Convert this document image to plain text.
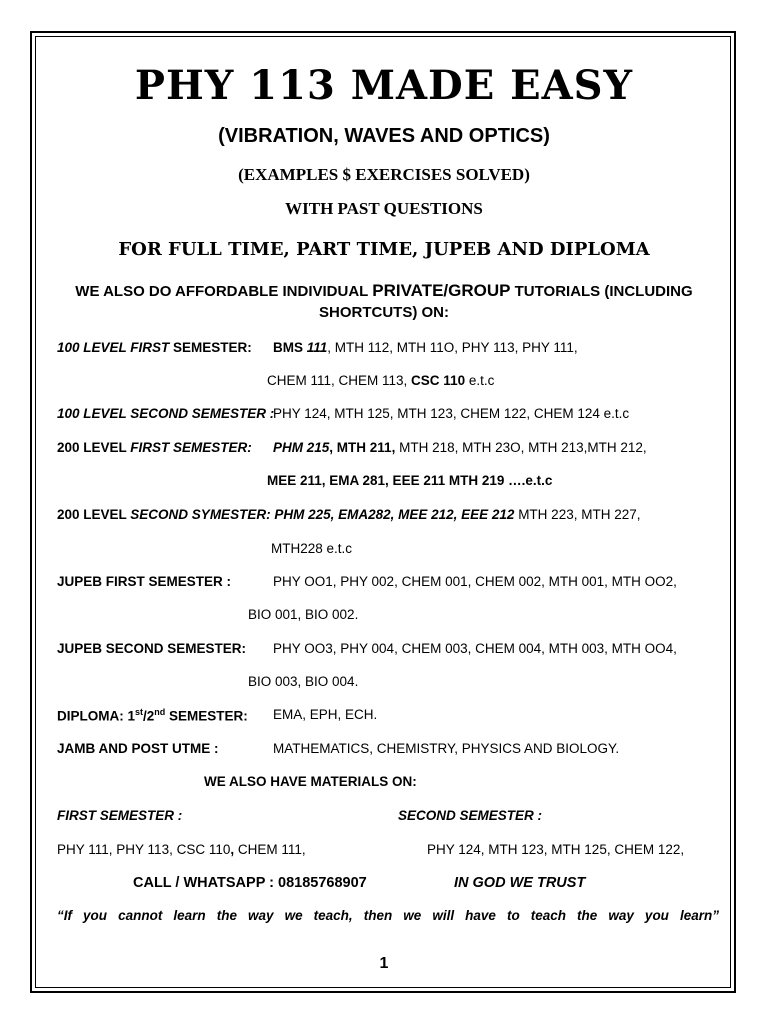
PHY 113 MADE EASY
(VIBRATION, WAVES AND OPTICS)
(EXAMPLES $ EXERCISES SOLVED)
WITH PAST QUESTIONS
FOR FULL TIME, PART TIME, JUPEB AND DIPLOMA
WE ALSO DO AFFORDABLE INDIVIDUAL PRIVATE/GROUP TUTORIALS (INCLUDING SHORTCUTS) ON:
100 LEVEL FIRST SEMESTER: BMS 111, MTH 112, MTH 11O, PHY 113, PHY 111,
CHEM 111, CHEM 113, CSC 110 e.t.c
100 LEVEL SECOND SEMESTER :
PHY 124, MTH 125, MTH 123, CHEM 122, CHEM 124 e.t.c
200 LEVEL FIRST SEMESTER: PHM 215, MTH 211, MTH 218, MTH 23O, MTH 213,MTH 212,
MEE 211, EMA 281, EEE 211 MTH 219 ….e.t.c
200 LEVEL SECOND SYMESTER: PHM 225, EMA282, MEE 212, EEE 212 MTH 223, MTH 227,
MTH228 e.t.c
JUPEB FIRST SEMESTER :	PHY OO1, PHY 002, CHEM 001, CHEM 002, MTH 001, MTH OO2,
BIO 001, BIO 002.
JUPEB SECOND SEMESTER: PHY OO3, PHY 004, CHEM 003, CHEM 004, MTH 003, MTH OO4,
BIO 003, BIO 004.
DIPLOMA: 1st/2nd SEMESTER: EMA, EPH, ECH.
JAMB AND POST UTME :	MATHEMATICS, CHEMISTRY, PHYSICS AND BIOLOGY.
WE ALSO HAVE MATERIALS ON:
FIRST SEMESTER :	SECOND SEMESTER :
PHY 111, PHY 113, CSC 110, CHEM 111,	PHY 124, MTH 123, MTH 125, CHEM 122,
CALL / WHATSAPP : 08185768907	IN GOD WE TRUST
“If you cannot learn the way we teach, then we will have to teach the way you learn”
1
